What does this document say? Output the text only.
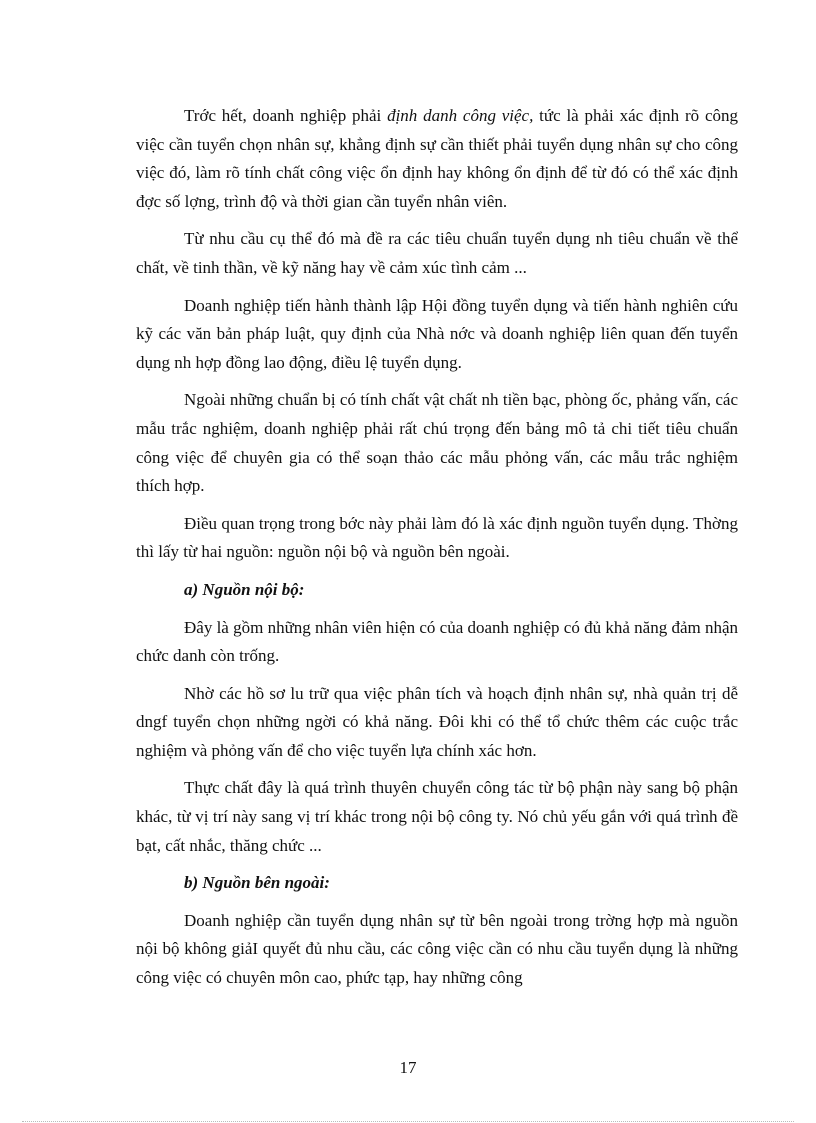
Trớc hết, doanh nghiệp phải định danh công việc, tức là phải xác định rõ công việc cần tuyển chọn nhân sự, khẳng định sự cần thiết phải tuyển dụng nhân sự cho công việc đó, làm rõ tính chất công việc ổn định hay không ổn định để từ đó có thể xác định đợc số lợng, trình độ và thời gian cần tuyển nhân viên.

Từ nhu cầu cụ thể đó mà đề ra các tiêu chuẩn tuyển dụng nh tiêu chuẩn về thể chất, về tinh thần, về kỹ năng hay về cảm xúc tình cảm ...

Doanh nghiệp tiến hành thành lập Hội đồng tuyển dụng và tiến hành nghiên cứu kỹ các văn bản pháp luật, quy định của Nhà nớc và doanh nghiệp liên quan đến tuyển dụng nh hợp đồng lao động, điều lệ tuyển dụng.

Ngoài những chuẩn bị có tính chất vật chất nh tiền bạc, phòng ốc, phảng vấn, các mẫu trắc nghiệm, doanh nghiệp phải rất chú trọng đến bảng mô tả chi tiết tiêu chuẩn công việc để chuyên gia có thể soạn thảo các mẫu phỏng vấn, các mẫu trắc nghiệm thích hợp.

Điều quan trọng trong bớc này phải làm đó là xác định nguồn tuyển dụng. Thờng thì lấy từ hai nguồn: nguồn nội bộ và nguồn bên ngoài.

a) Nguồn nội bộ:

Đây là gồm những nhân viên hiện có của doanh nghiệp có đủ khả năng đảm nhận chức danh còn trống.

Nhờ các hồ sơ lu trữ qua việc phân tích và hoạch định nhân sự, nhà quản trị dễ dngf tuyển chọn những ngời có khả năng. Đôi khi có thể tổ chức thêm các cuộc trắc nghiệm và phỏng vấn để cho việc tuyển lựa chính xác hơn.

Thực chất đây là quá trình thuyên chuyển công tác từ bộ phận này sang bộ phận khác, từ vị trí này sang vị trí khác trong nội bộ công ty. Nó chủ yếu gắn với quá trình đề bạt, cất nhắc, thăng chức ...

b) Nguồn bên ngoài:

Doanh nghiệp cần tuyển dụng nhân sự từ bên ngoài trong trờng hợp mà nguồn nội bộ không giảI quyết đủ nhu cầu, các công việc cần có nhu cầu tuyển dụng là những công việc có chuyên môn cao, phức tạp, hay những công

17
